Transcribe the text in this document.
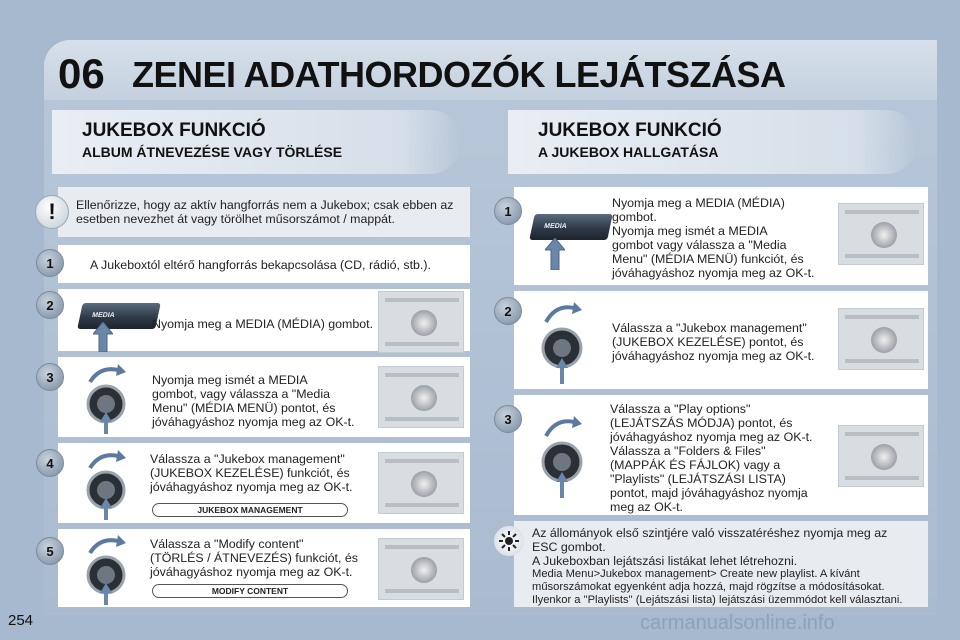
06 ZENEI ADATHORDOZÓK LEJÁTSZÁSA
JUKEBOX FUNKCIÓ
ALBUM ÁTNEVEZÉSE VAGY TÖRLÉSE
JUKEBOX FUNKCIÓ
A JUKEBOX HALLGATÁSA
!	Ellenőrizze, hogy az aktív hangforrás nem a Jukebox; csak ebben az
esetben nevezhet át vagy törölhet műsorszámot / mappát.
1	A Jukeboxtól eltérő hangforrás bekapcsolása (CD, rádió, stb.).
2
MEDIA
Nyomja meg a MEDIA (MÉDIA) gombot.
3	Nyomja meg ismét a MEDIA
gombot, vagy válassza a "Media
Menu" (MÉDIA MENÜ) pontot, és
jóváhagyáshoz nyomja meg az OK-t.
4	Válassza a "Jukebox management"
(JUKEBOX KEZELÉSE) funkciót, és
jóváhagyáshoz nyomja meg az OK-t.
JUKEBOX MANAGEMENT
5	Válassza a "Modify content"
(TÖRLÉS / ÁTNEVEZÉS) funkciót, és
jóváhagyáshoz nyomja meg az OK-t.
MODIFY CONTENT
1
MEDIA
Nyomja meg a MEDIA (MÉDIA)
gombot.
Nyomja meg ismét a MEDIA
gombot vagy válassza a "Media
Menu" (MÉDIA MENÜ) funkciót, és
jóváhagyáshoz nyomja meg az OK-t.
2
Válassza a "Jukebox management"
(JUKEBOX KEZELÉSE) pontot, és
jóváhagyáshoz nyomja meg az OK-t.
3
Válassza a "Play options"
(LEJÁTSZÁS MÓDJA) pontot, és
jóváhagyáshoz nyomja meg az OK-t.
Válassza a "Folders & Files"
(MAPPÁK ÉS FÁJLOK) vagy a
"Playlists" (LEJÁTSZÁSI LISTA)
pontot, majd jóváhagyáshoz nyomja
meg az OK-t.
Az állományok első szintjére való visszatéréshez nyomja meg az
ESC gombot.
A Jukeboxban lejátszási listákat lehet létrehozni.
Media Menu>Jukebox management> Create new playlist. A kívánt
műsorszámokat egyenként adja hozzá, majd rögzítse a módosításokat.
Ilyenkor a "Playlists" (Lejátszási lista) lejátszási üzemmódot kell választani.
254	carmanualsonline.info
